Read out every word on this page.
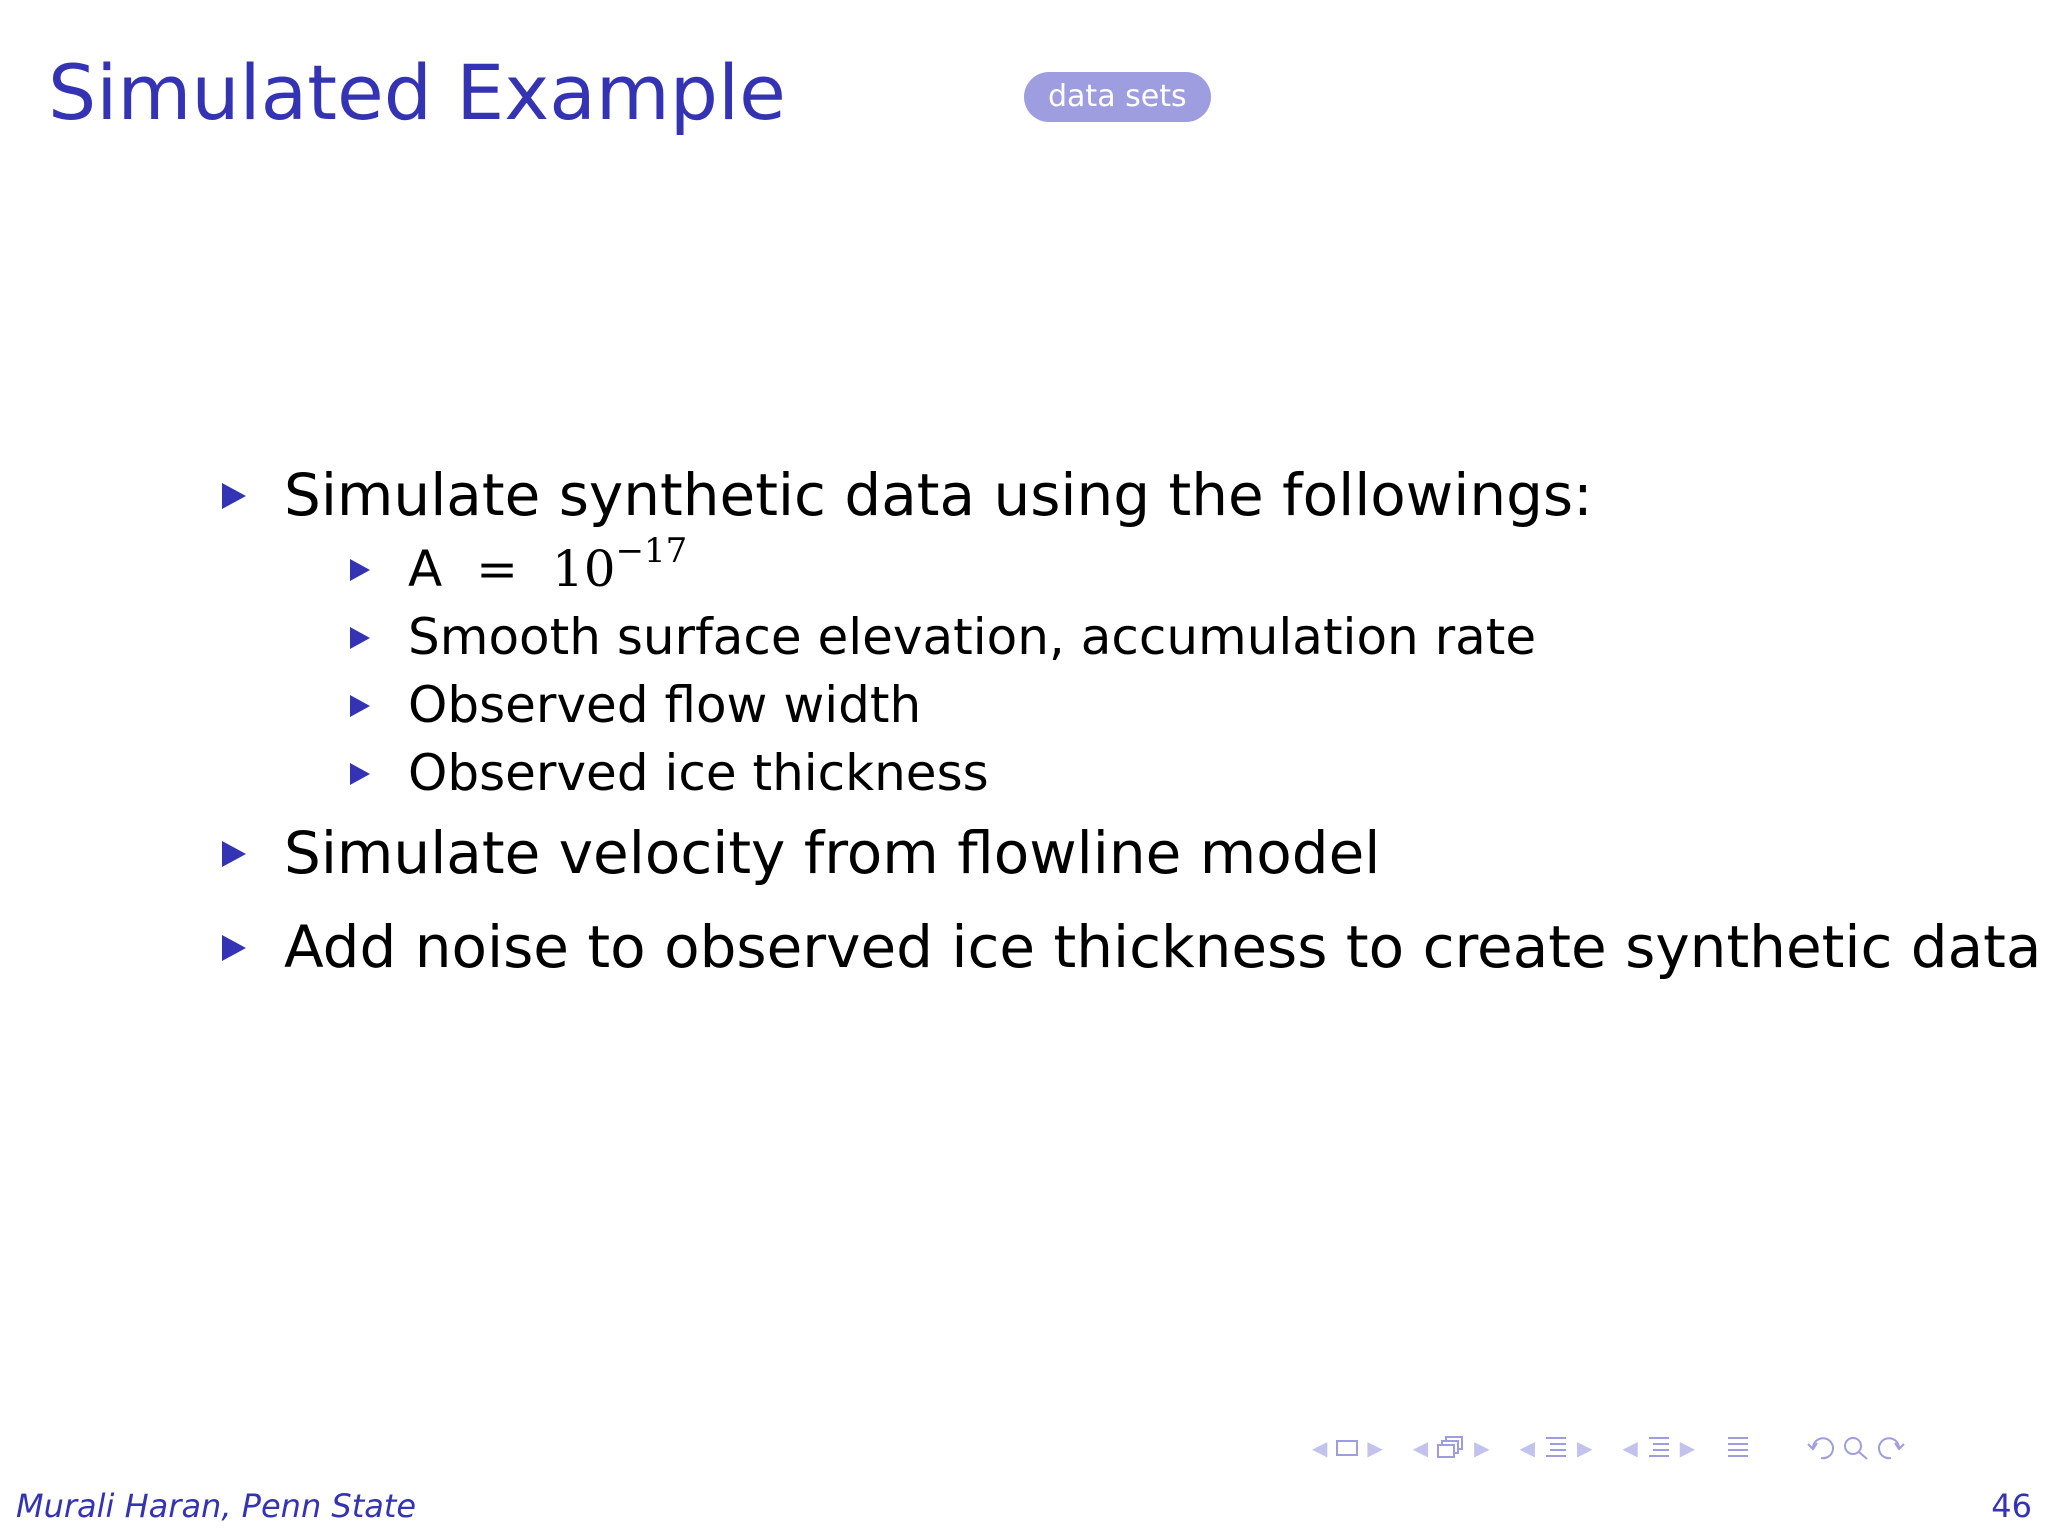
Simulated Example	data sets
Simulate synthetic data using the followings:
$A = 10^{-17}$
Smooth surface elevation, accumulation rate
Observed flow width
Observed ice thickness
Simulate velocity from flowline model
Add noise to observed ice thickness to create synthetic data
◀ ▶ ◀ ▶ ◀ ▶ ◀ ▶
Murali Haran, Penn State	46
